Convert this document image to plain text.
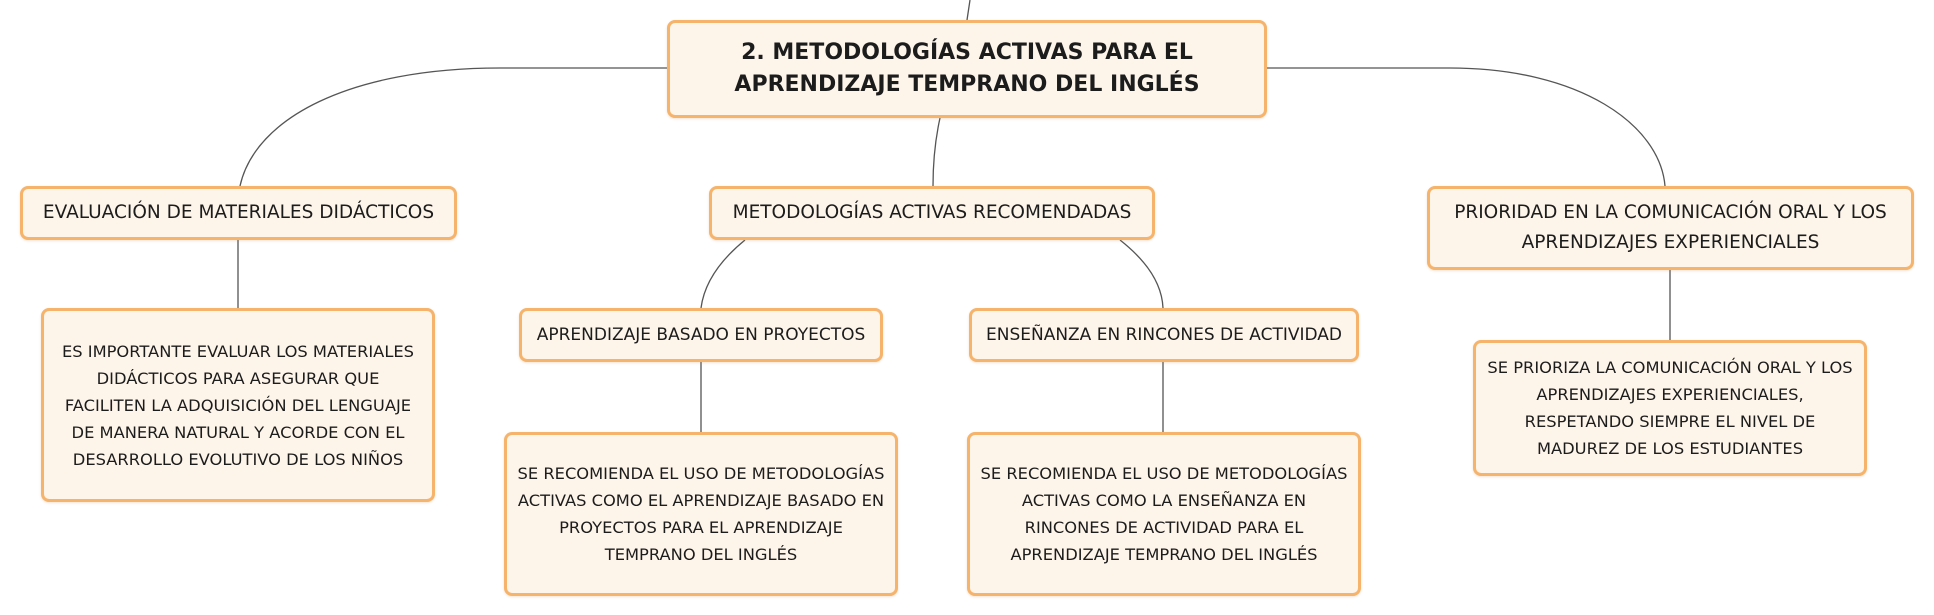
2. METODOLOGÍAS ACTIVAS PARA EL APRENDIZAJE TEMPRANO DEL INGLÉS
EVALUACIÓN DE MATERIALES DIDÁCTICOS	METODOLOGÍAS ACTIVAS RECOMENDADAS	PRIORIDAD EN LA COMUNICACIÓN ORAL Y LOS APRENDIZAJES EXPERIENCIALES
APRENDIZAJE BASADO EN PROYECTOS	ENSEÑANZA EN RINCONES DE ACTIVIDAD
ES IMPORTANTE EVALUAR LOS MATERIALES DIDÁCTICOS PARA ASEGURAR QUE FACILITEN LA ADQUISICIÓN DEL LENGUAJE DE MANERA NATURAL Y ACORDE CON EL DESARROLLO EVOLUTIVO DE LOS NIÑOS
SE RECOMIENDA EL USO DE METODOLOGÍAS ACTIVAS COMO EL APRENDIZAJE BASADO EN PROYECTOS PARA EL APRENDIZAJE TEMPRANO DEL INGLÉS
SE RECOMIENDA EL USO DE METODOLOGÍAS ACTIVAS COMO LA ENSEÑANZA EN RINCONES DE ACTIVIDAD PARA EL APRENDIZAJE TEMPRANO DEL INGLÉS
SE PRIORIZA LA COMUNICACIÓN ORAL Y LOS APRENDIZAJES EXPERIENCIALES, RESPETANDO SIEMPRE EL NIVEL DE MADUREZ DE LOS ESTUDIANTES
